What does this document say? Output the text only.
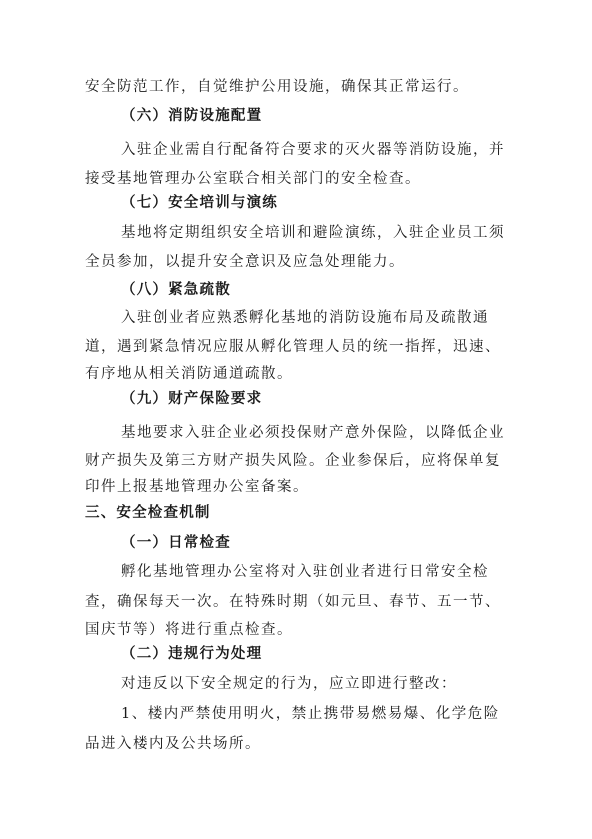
安全防范工作，自觉维护公用设施，确保其正常运行。
（六）消防设施配置
入驻企业需自行配备符合要求的灭火器等消防设施，并
接受基地管理办公室联合相关部门的安全检查。
（七）安全培训与演练
基地将定期组织安全培训和避险演练，入驻企业员工须
全员参加，以提升安全意识及应急处理能力。
（八）紧急疏散
入驻创业者应熟悉孵化基地的消防设施布局及疏散通
道，遇到紧急情况应服从孵化管理人员的统一指挥，迅速、
有序地从相关消防通道疏散。
（九）财产保险要求
基地要求入驻企业必须投保财产意外保险，以降低企业
财产损失及第三方财产损失风险。企业参保后，应将保单复
印件上报基地管理办公室备案。
三、安全检查机制
（一）日常检查
孵化基地管理办公室将对入驻创业者进行日常安全检
查，确保每天一次。在特殊时期（如元旦、春节、五一节、
国庆节等）将进行重点检查。
（二）违规行为处理
对违反以下安全规定的行为，应立即进行整改：
1、楼内严禁使用明火，禁止携带易燃易爆、化学危险
品进入楼内及公共场所。
